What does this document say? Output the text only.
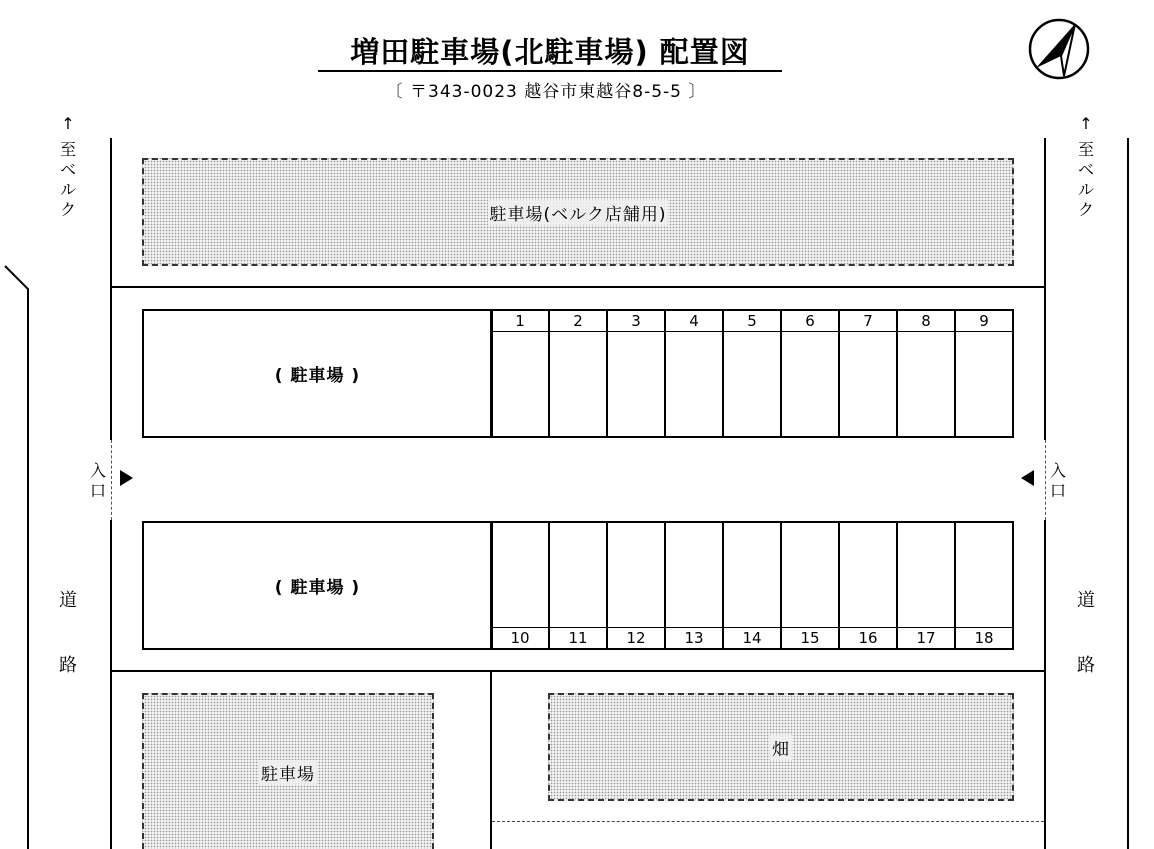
増田駐車場(北駐車場) 配置図
〔 〒343-0023 越谷市東越谷8-5-5 〕
駐車場(ベルク店舗用)
( 駐車場 )
1	2	3	4	5	6	7	8	9
( 駐車場 )
10	11	12	13	14	15	16	17	18
駐車場
畑
↑
至
ベ
ル
ク
入
口
道
路
↑
至
ベ
ル
ク
入
口
道
路
